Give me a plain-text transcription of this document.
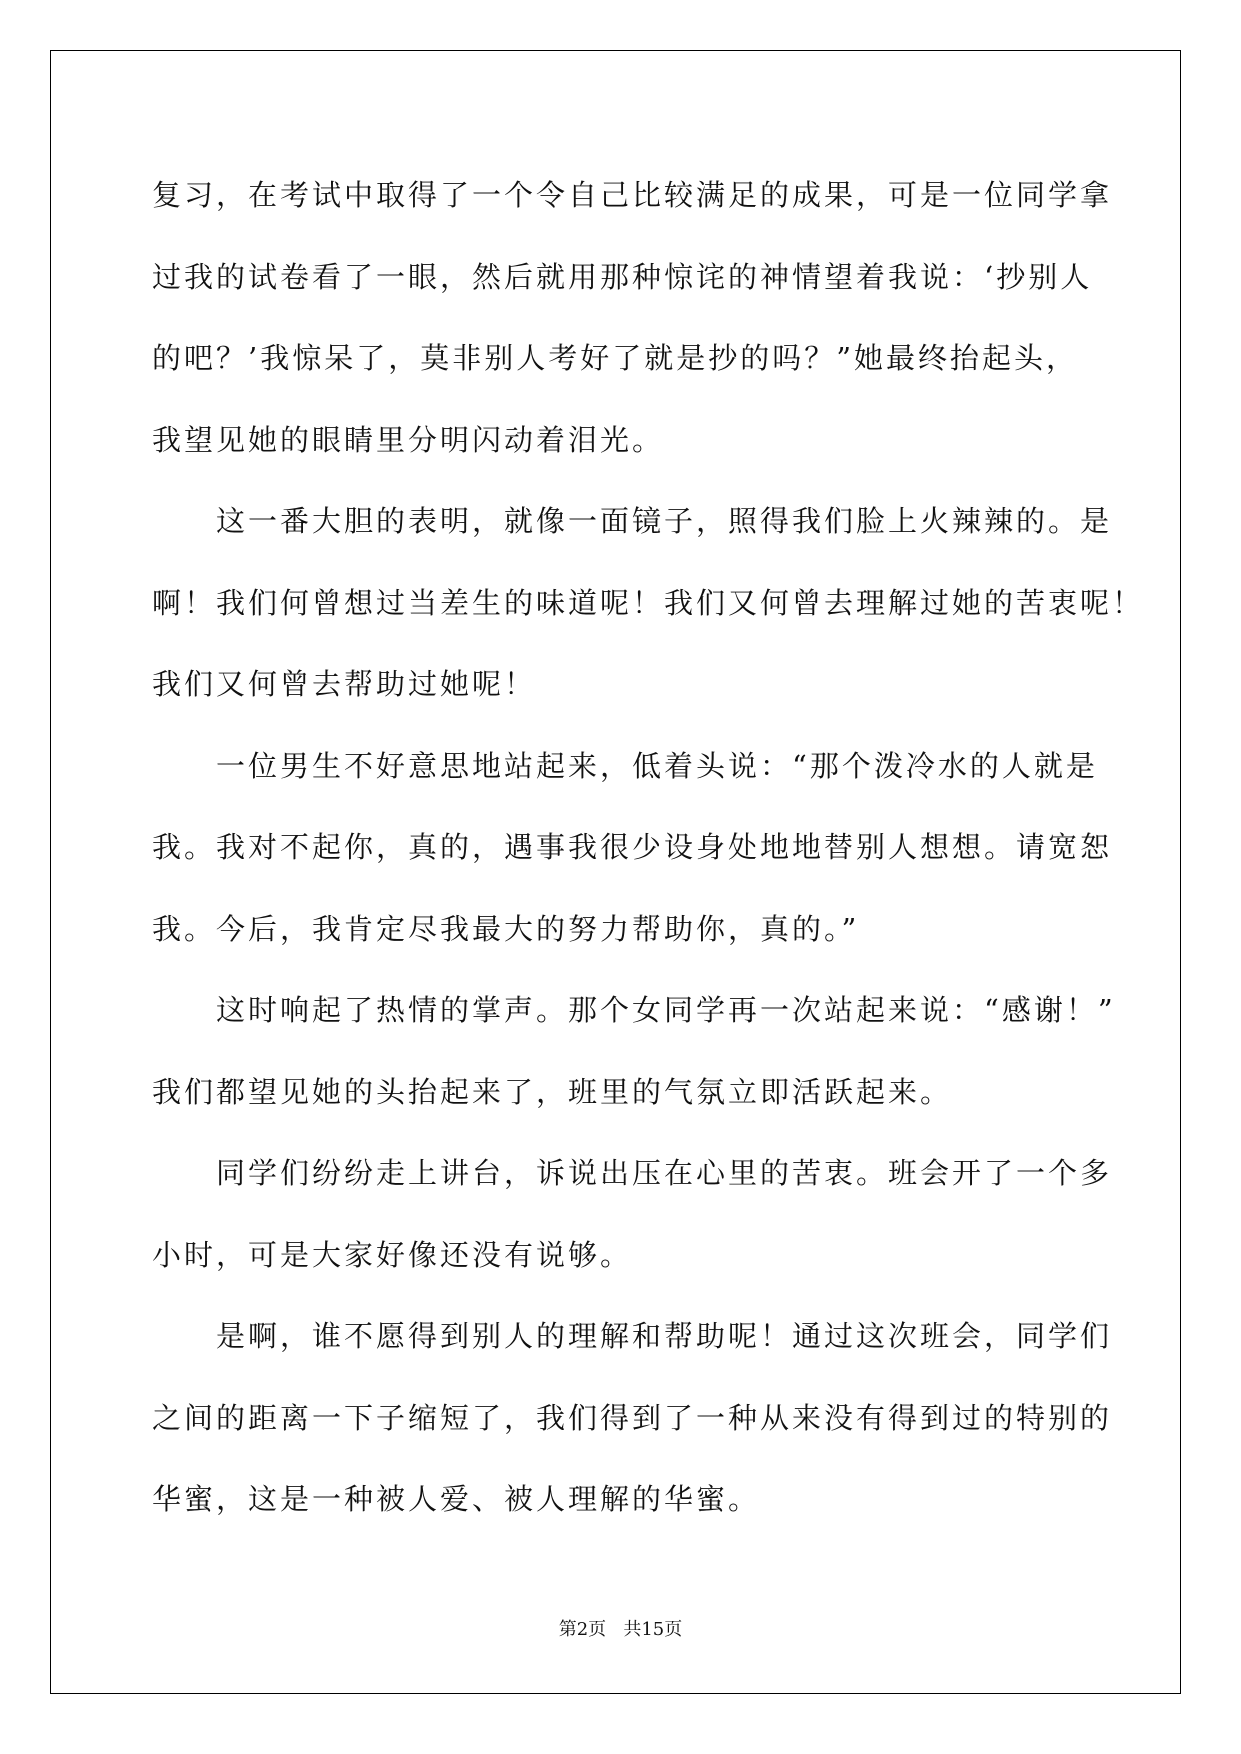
复习，在考试中取得了一个令自己比较满足的成果，可是一位同学拿
过我的试卷看了一眼，然后就用那种惊诧的神情望着我说：‘抄别人
的吧？’我惊呆了，莫非别人考好了就是抄的吗？”她最终抬起头，
我望见她的眼睛里分明闪动着泪光。

这一番大胆的表明，就像一面镜子，照得我们脸上火辣辣的。是
啊！我们何曾想过当差生的味道呢！我们又何曾去理解过她的苦衷呢！
我们又何曾去帮助过她呢！

一位男生不好意思地站起来，低着头说：“那个泼冷水的人就是
我。我对不起你，真的，遇事我很少设身处地地替别人想想。请宽恕
我。今后，我肯定尽我最大的努力帮助你，真的。”

这时响起了热情的掌声。那个女同学再一次站起来说：“感谢！”
我们都望见她的头抬起来了，班里的气氛立即活跃起来。

同学们纷纷走上讲台，诉说出压在心里的苦衷。班会开了一个多
小时，可是大家好像还没有说够。

是啊，谁不愿得到别人的理解和帮助呢！通过这次班会，同学们
之间的距离一下子缩短了，我们得到了一种从来没有得到过的特别的
华蜜，这是一种被人爱、被人理解的华蜜。

第2页 共15页
